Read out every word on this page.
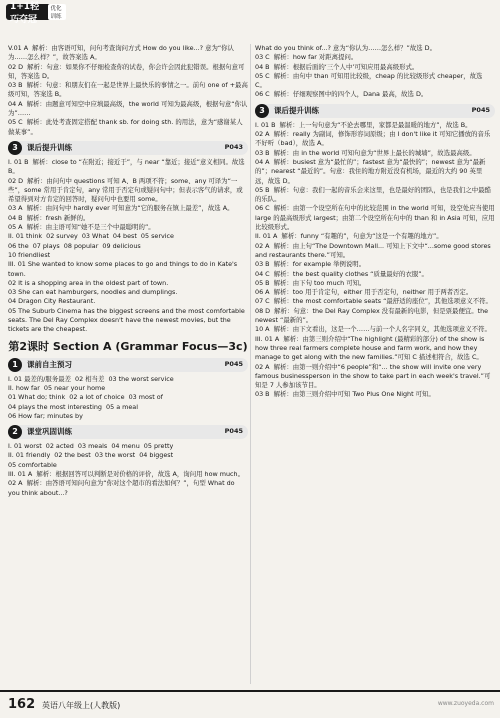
1+1轻巧夺冠
优化训练

V.01 A  解析：由客语可知，问句考查询问方式 How do you like...? 意为“你认为……怎么样？”，故答案选 A。

02 D  解析：句意：如果你不仔细检查你的试卷，你会许会因此犯错误。根据句意可知，答案选 D。

03 B  解析：句意：和朋友们在一起是世界上最快乐的事情之一。前句 one of +最高级可知，答案选 B。

04 A  解析：由题意可知空中应填最高级，the world 可知为最高级，根据句意“你认为”……

05 C  解析：此处考查固定搭配 thank sb. for doing sth. 的用法，意为“感谢某人做某事”。

3	课后提升训练	P043

I. 01 B  解析：close to “在附近；接近于”，与 near “靠近；接近”意义相同。故选 B。

02 D  解析：由问句中 questions 可知 A、B 两项不符；some、any 可译为“一些”，some 常用于肯定句，any 常用于否定句或疑问句中；但表示客气的请求，或希望得到对方肯定的回答时，疑问句中也要用 some。

03 A  解析：由问句中 hardly ever 可知意为“它的服务在镇上最差”，故选 A。

04 B  解析：fresh 新鲜的。

05 A  解析：由主语可知“她不是三个中最聪明的”。

II. 01 think  02 survey  03 What  04 best  05 service

06 the  07 plays  08 popular  09 delicious

10 friendliest

III. 01 She wanted to know some places to go and things to do in Kate's town.

02 It is a shopping area in the oldest part of town.

03 She can eat hamburgers, noodles and dumplings.

04 Dragon City Restaurant.

05 The Suburb Cinema has the biggest screens and the most comfortable seats. The Del Ray Complex doesn't have the newest movies, but the tickets are the cheapest.

第2课时 Section A (Grammar Focus—3c)
1	课前自主预习	P045

I. 01 最差的/服务最差  02 相当差  03 the worst service

II. how far  05 near your home

01 What do; think  02 a lot of choice  03 most of

04 plays the most interesting  05 a meal

06 How far; minutes by

2	课堂巩固训练	P045

I. 01 worst  02 acted  03 meals  04 menu  05 pretty

II. 01 friendly  02 the best  03 the worst  04 biggest

05 comfortable

III. 01 A  解析：根据回答可以判断是对价格的评价，故选 A，询问用 how much。

02 A  解析：由答语可知问句意为“你对这个超市的看法如何？”，句型 What do you think about...?

What do you think of...? 意为“你认为……怎么样？”故选 D。

03 C  解析：how far 对距离提问。

04 B  解析：根据后面的‘三个人中’可知应用最高级形式。

05 C  解析：由句中 than 可知用比较级，cheap 的比较级形式 cheaper，故选 C。

06 C  解析：仔细观察图中的四个人，Dana 最高，故选 D。

3	课后提升训练	P045

I. 01 B  解析：上一句句意为“不论去哪里，家都是最温暖的地方”，故选 B。

02 A  解析：really 为副词，修饰形容词原级；由 I don't like it 可知它播放的音乐不好听（bad），故选 A。

03 B  解析：由 in the world 可知句意为“世界上最长的城墙”，故选最高级。

04 A  解析：busiest 意为“最忙的”；fastest 意为“最快的”；newest 意为“最新的”；nearest “最近的”。句意：我住的地方附近没有机场，最近的大约 90 英里远，故选 D。

05 B  解析：句意：我们一起的音乐会来这里，也是最好的团队，也是我们之中最酷的乐队。

06 C  解析：由第一个设空所在句中的比较范围 in the world 可知，设空处应当使用 large 的最高级形式 largest；由第二个设空所在句中的 than 和 in Asia 可知，应用比较级形式。

II. 01 A  解析：funny “有趣的”，句意为“这是一个有趣的地方”。

02 A  解析：由上句“The Downtown Mall... 可知上下文中“...some good stores and restaurants there.”可知。

03 B  解析：for example 举例说明。

04 C  解析：the best quality clothes “质量最好的衣服”。

05 B  解析：由下句 too much 可知。

06 A  解析：too 用于肯定句，either 用于否定句，neither 用于两者否定。

07 C  解析：the most comfortable seats “最舒适的座位”，其他选项意义不符。

08 D  解析：句意：the Del Ray Complex 没有最新的电影，但是票最便宜。the newest “最新的”。

10 A  解析：由下文看出，这是一个……与前一个人名字同义，其他选项意义不符。

III. 01 A  解析：由第三则介绍中“The highlight (最精彩的部分) of the show is how three real farmers complete house and farm work, and how they manage to get along with the new families.”可知 C 描述相符合，故选 C。

02 A  解析：由第一则介绍中“6 people”和“... the show will invite one very famous businessperson in the show to take part in each week's travel.”可知是 7 人参加该节目。

03 B  解析：由第三则介绍中可知 Two Plus One Night 可知。

162 英语八年级上(人教版)	www.zuoyeda.com
